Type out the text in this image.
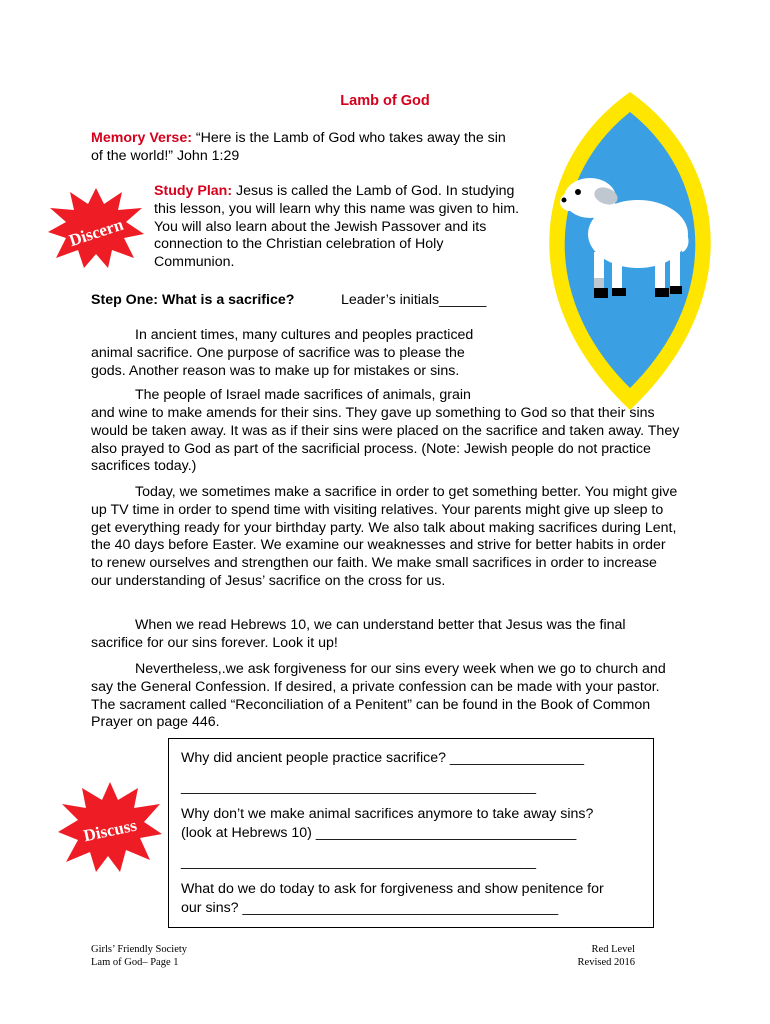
Lamb of God
Memory Verse: “Here is the Lamb of God who takes away the sin of the world!” John 1:29
Discern
Study Plan: Jesus is called the Lamb of God. In studying this lesson, you will learn why this name was given to him. You will also learn about the Jewish Passover and its connection to the Christian celebration of Holy Communion.
Step One: What is a sacrifice?	Leader’s initials______

In ancient times, many cultures and peoples practiced animal sacrifice. One purpose of sacrifice was to please the gods. Another reason was to make up for mistakes or sins.

The people of Israel made sacrifices of animals, grain

and wine to make amends for their sins. They gave up something to God so that their sins would be taken away. It was as if their sins were placed on the sacrifice and taken away. They also prayed to God as part of the sacrificial process. (Note: Jewish people do not practice sacrifices today.)

Today, we sometimes make a sacrifice in order to get something better. You might give up TV time in order to spend time with visiting relatives. Your parents might give up sleep to get everything ready for your birthday party. We also talk about making sacrifices during Lent, the 40 days before Easter. We examine our weaknesses and strive for better habits in order to renew ourselves and strengthen our faith. We make small sacrifices in order to increase our understanding of Jesus’ sacrifice on the cross for us.

When we read Hebrews 10, we can understand better that Jesus was the final sacrifice for our sins forever. Look it up!

Nevertheless,.we ask forgiveness for our sins every week when we go to church and say the General Confession. If desired, a private confession can be made with your pastor. The sacrament called “Reconciliation of a Penitent” can be found in the Book of Common Prayer on page 446.

Discuss

Why did ancient people practice sacrifice? _________________

_____________________________________________

Why don’t we make animal sacrifices anymore to take away sins?

(look at Hebrews 10) _________________________________

_____________________________________________

What do we do today to ask for forgiveness and show penitence for

our sins? ________________________________________

Girls’ Friendly Society
Lam of God– Page 1
Red Level
Revised 2016
